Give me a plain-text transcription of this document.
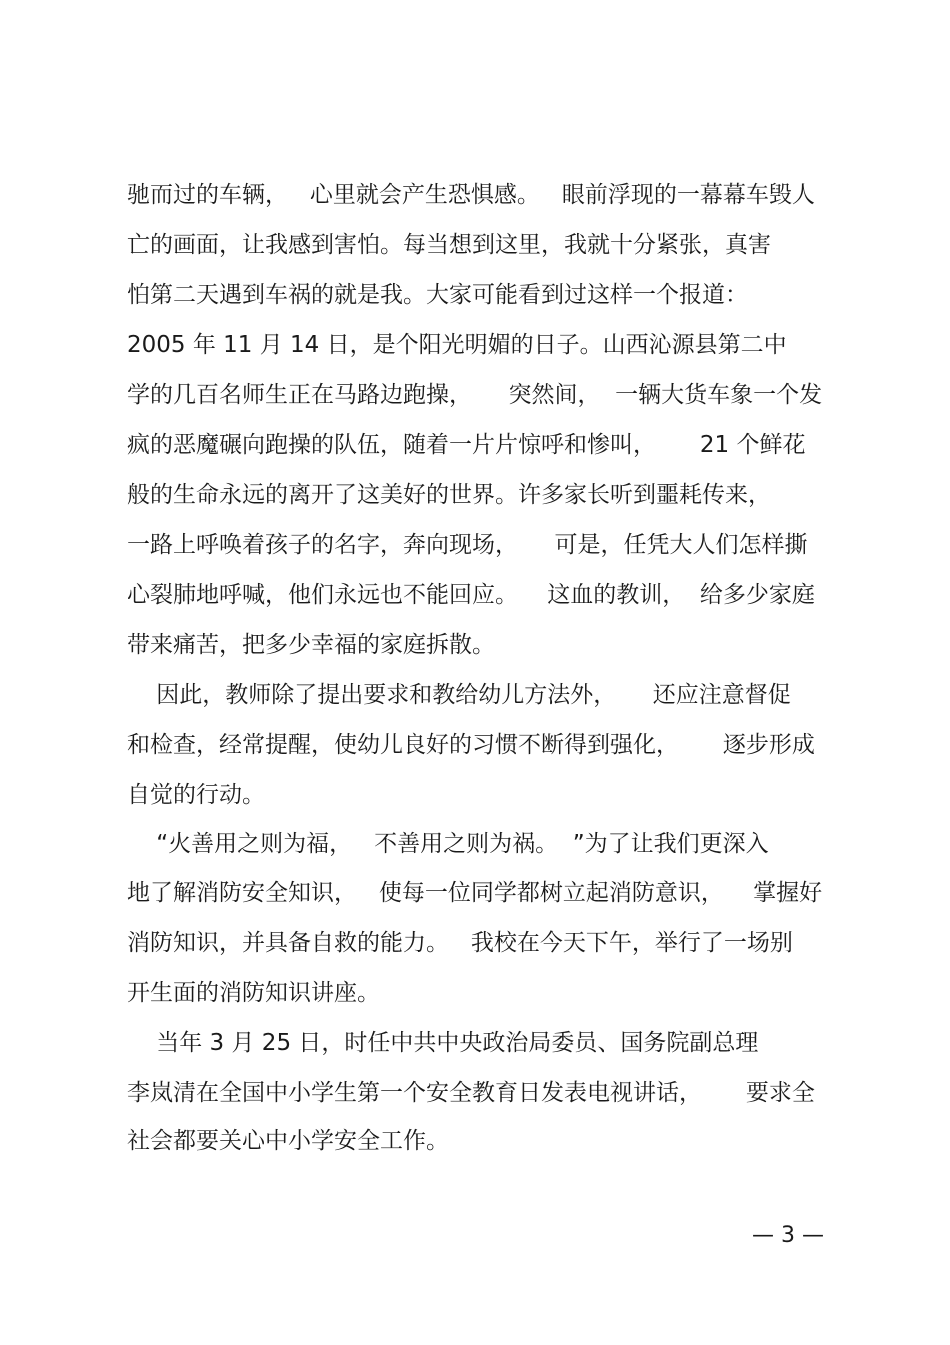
驰而过的车辆，   心里就会产生恐惧感。   眼前浮现的一幕幕车毁人
亡的画面，让我感到害怕。每当想到这里，我就十分紧张，真害
怕第二天遇到车祸的就是我。大家可能看到过这样一个报道：
2005 年 11 月 14 日，是个阳光明媚的日子。山西沁源县第二中
学的几百名师生正在马路边跑操，     突然间，  一辆大货车象一个发
疯的恶魔碾向跑操的队伍，随着一片片惊呼和惨叫，      21 个鲜花
般的生命永远的离开了这美好的世界。许多家长听到噩耗传来，
一路上呼唤着孩子的名字，奔向现场，     可是，任凭大人们怎样撕
心裂肺地呼喊，他们永远也不能回应。    这血的教训，  给多少家庭
带来痛苦，把多少幸福的家庭拆散。
因此，教师除了提出要求和教给幼儿方法外，     还应注意督促
和检查，经常提醒，使幼儿良好的习惯不断得到强化，      逐步形成
自觉的行动。
“火善用之则为福，   不善用之则为祸。  ”为了让我们更深入
地了解消防安全知识，   使每一位同学都树立起消防意识，    掌握好
消防知识，并具备自救的能力。   我校在今天下午，举行了一场别
开生面的消防知识讲座。
当年 3 月 25 日，时任中共中央政治局委员、国务院副总理
李岚清在全国中小学生第一个安全教育日发表电视讲话，      要求全
社会都要关心中小学安全工作。
— 3 —
